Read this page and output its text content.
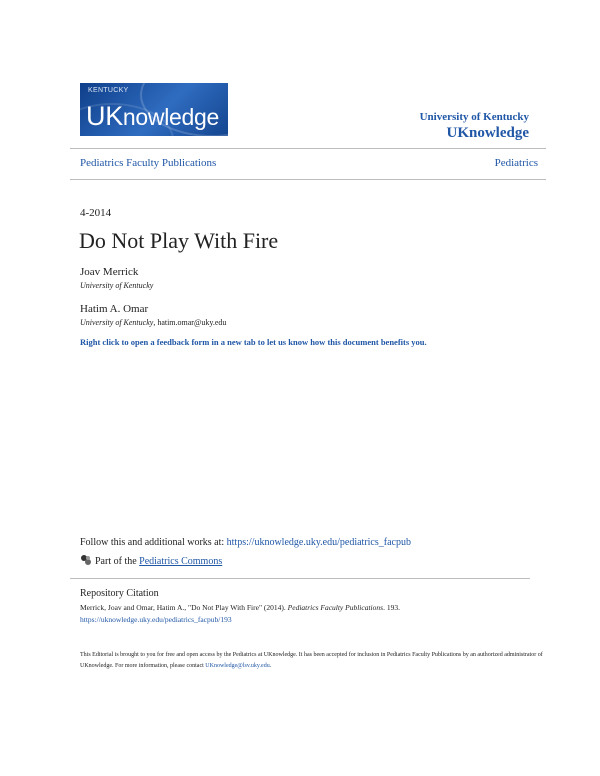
KENTUCKY
UKnowledge	University of Kentucky
UKnowledge
Pediatrics Faculty Publications	Pediatrics
4-2014
Do Not Play With Fire
Joav Merrick
University of Kentucky
Hatim A. Omar
University of Kentucky, hatim.omar@uky.edu
Right click to open a feedback form in a new tab to let us know how this document benefits you.
Follow this and additional works at: https://uknowledge.uky.edu/pediatrics_facpub
Part of the Pediatrics Commons
Repository Citation
Merrick, Joav and Omar, Hatim A., "Do Not Play With Fire" (2014). Pediatrics Faculty Publications. 193.
https://uknowledge.uky.edu/pediatrics_facpub/193
This Editorial is brought to you for free and open access by the Pediatrics at UKnowledge. It has been accepted for inclusion in Pediatrics Faculty Publications by an authorized administrator of UKnowledge. For more information, please contact UKnowledge@lsv.uky.edu.
